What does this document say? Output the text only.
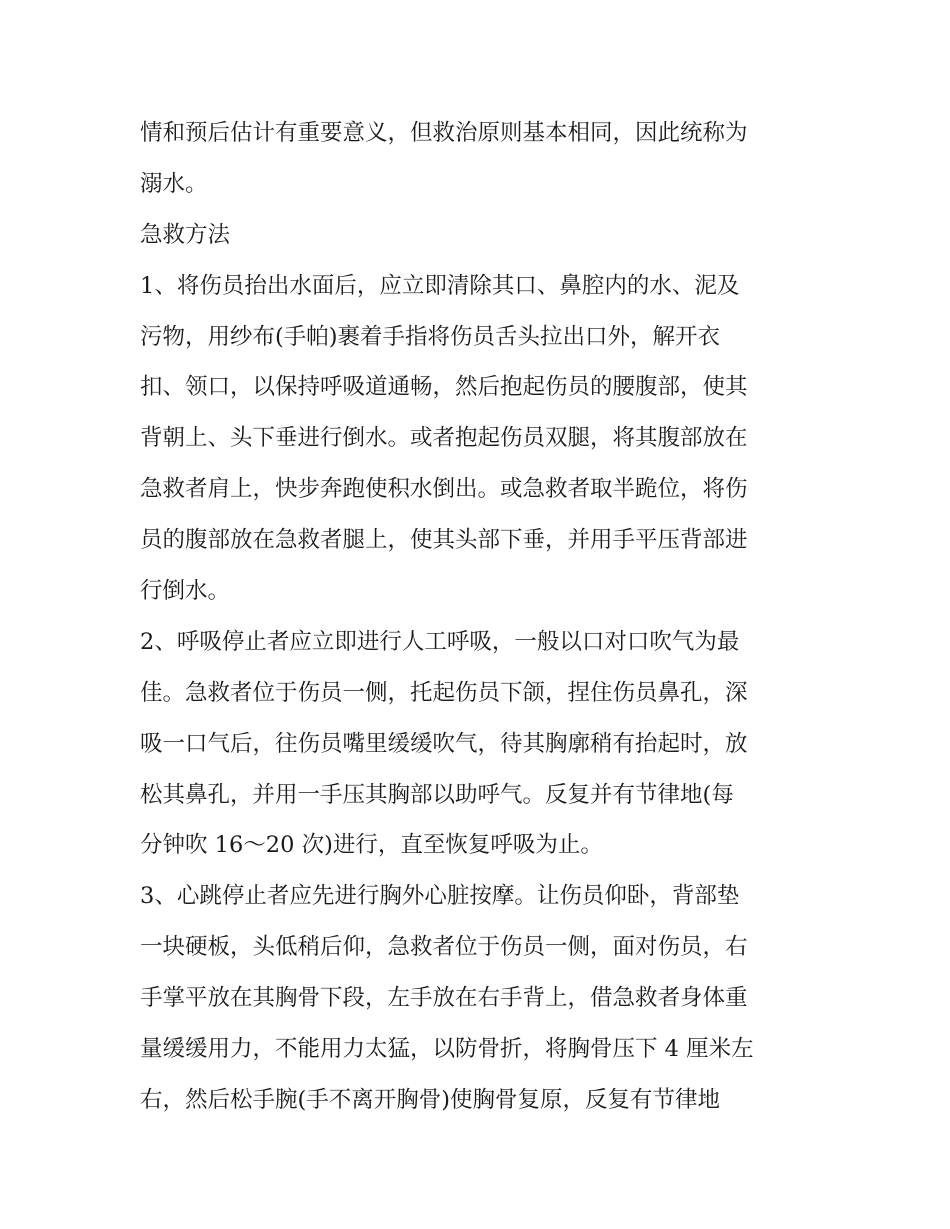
情和预后估计有重要意义，但救治原则基本相同，因此统称为
溺水。
急救方法
1、将伤员抬出水面后，应立即清除其口、鼻腔内的水、泥及
污物，用纱布(手帕)裹着手指将伤员舌头拉出口外，解开衣
扣、领口，以保持呼吸道通畅，然后抱起伤员的腰腹部，使其
背朝上、头下垂进行倒水。或者抱起伤员双腿，将其腹部放在
急救者肩上，快步奔跑使积水倒出。或急救者取半跪位，将伤
员的腹部放在急救者腿上，使其头部下垂，并用手平压背部进
行倒水。
2、呼吸停止者应立即进行人工呼吸，一般以口对口吹气为最
佳。急救者位于伤员一侧，托起伤员下颌，捏住伤员鼻孔，深
吸一口气后，往伤员嘴里缓缓吹气，待其胸廓稍有抬起时，放
松其鼻孔，并用一手压其胸部以助呼气。反复并有节律地(每
分钟吹 16～20 次)进行，直至恢复呼吸为止。
3、心跳停止者应先进行胸外心脏按摩。让伤员仰卧，背部垫
一块硬板，头低稍后仰，急救者位于伤员一侧，面对伤员，右
手掌平放在其胸骨下段，左手放在右手背上，借急救者身体重
量缓缓用力，不能用力太猛，以防骨折，将胸骨压下 4 厘米左
右，然后松手腕(手不离开胸骨)使胸骨复原，反复有节律地
